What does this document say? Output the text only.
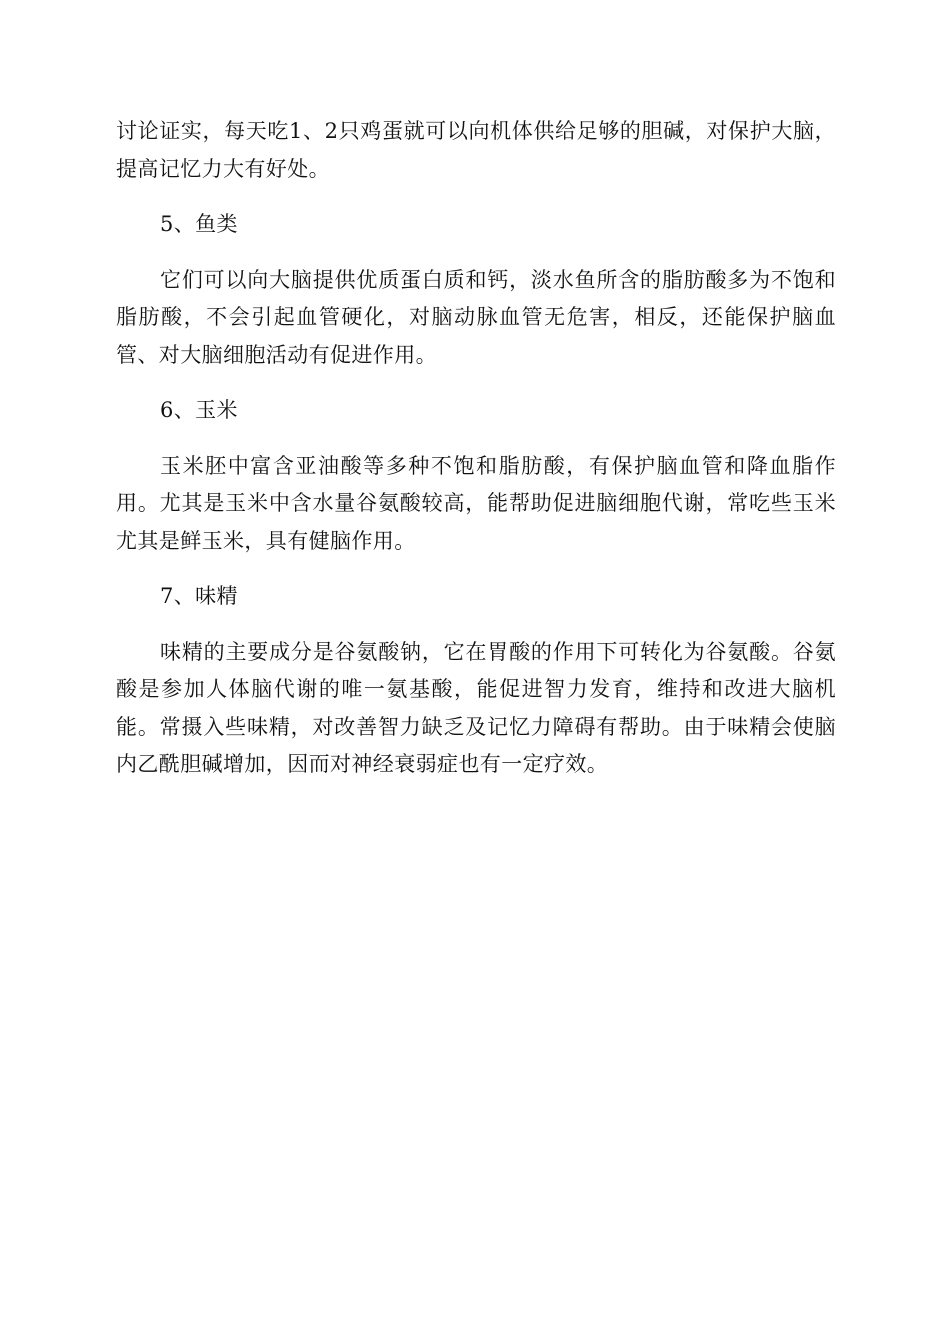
讨论证实，每天吃1、2只鸡蛋就可以向机体供给足够的胆碱，对保护大脑，提高记忆力大有好处。

5、鱼类

它们可以向大脑提供优质蛋白质和钙，淡水鱼所含的脂肪酸多为不饱和脂肪酸，不会引起血管硬化，对脑动脉血管无危害，相反，还能保护脑血管、对大脑细胞活动有促进作用。

6、玉米

玉米胚中富含亚油酸等多种不饱和脂肪酸，有保护脑血管和降血脂作用。尤其是玉米中含水量谷氨酸较高，能帮助促进脑细胞代谢，常吃些玉米尤其是鲜玉米，具有健脑作用。

7、味精

味精的主要成分是谷氨酸钠，它在胃酸的作用下可转化为谷氨酸。谷氨酸是参加人体脑代谢的唯一氨基酸，能促进智力发育，维持和改进大脑机能。常摄入些味精，对改善智力缺乏及记忆力障碍有帮助。由于味精会使脑内乙酰胆碱增加，因而对神经衰弱症也有一定疗效。
